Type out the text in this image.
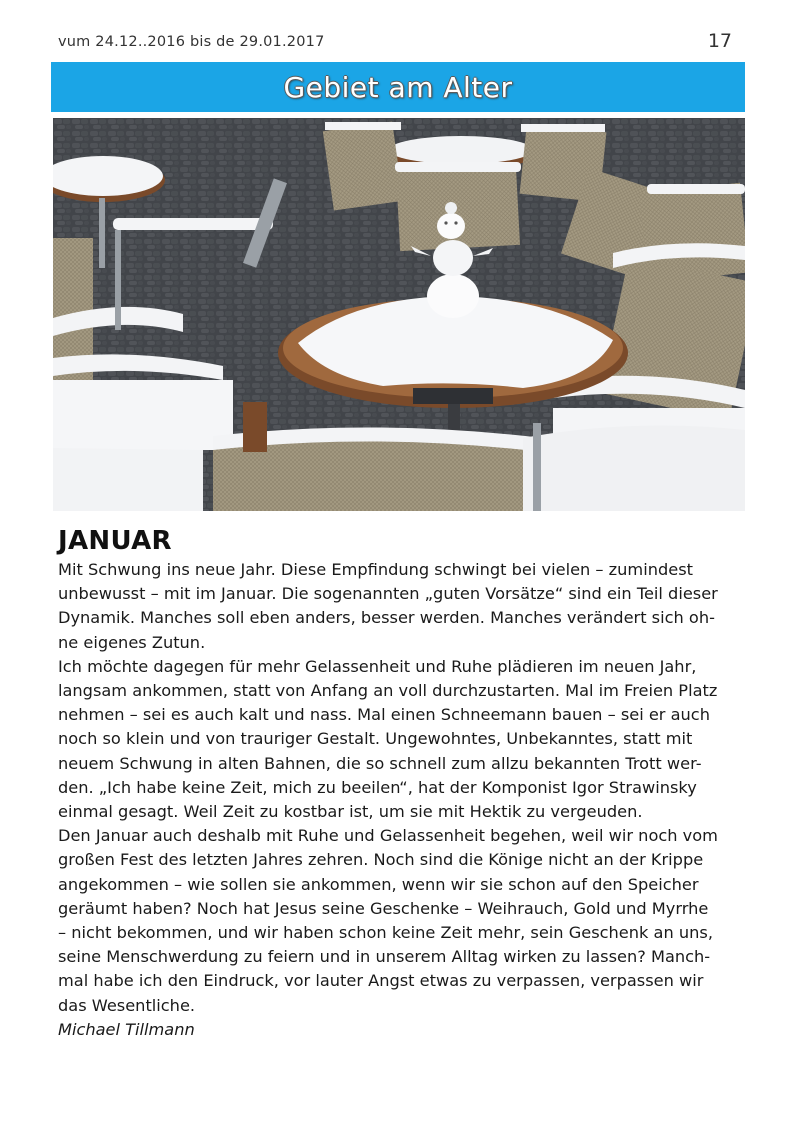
vum 24.12..2016 bis de 29.01.2017	17
Gebiet am Alter
JANUAR

Mit Schwung ins neue Jahr. Diese Empfindung schwingt bei vielen – zumindest

unbewusst – mit im Januar. Die sogenannten „guten Vorsätze“ sind ein Teil dieser

Dynamik. Manches soll eben anders, besser werden. Manches verändert sich oh-

ne eigenes Zutun.

Ich möchte dagegen für mehr Gelassenheit und Ruhe plädieren im neuen Jahr,

langsam ankommen, statt von Anfang an voll durchzustarten. Mal im Freien Platz

nehmen – sei es auch kalt und nass. Mal einen Schneemann bauen – sei er auch

noch so klein und von trauriger Gestalt. Ungewohntes, Unbekanntes, statt mit

neuem Schwung in alten Bahnen, die so schnell zum allzu bekannten Trott wer-

den. „Ich habe keine Zeit, mich zu beeilen“, hat der Komponist Igor Strawinsky

einmal gesagt. Weil Zeit zu kostbar ist, um sie mit Hektik zu vergeuden.

Den Januar auch deshalb mit Ruhe und Gelassenheit begehen, weil wir noch vom

großen Fest des letzten Jahres zehren. Noch sind die Könige nicht an der Krippe

angekommen – wie sollen sie ankommen, wenn wir sie schon auf den Speicher

geräumt haben? Noch hat Jesus seine Geschenke – Weihrauch, Gold und Myrrhe

– nicht bekommen, und wir haben schon keine Zeit mehr, sein Geschenk an uns,

seine Menschwerdung zu feiern und in unserem Alltag wirken zu lassen? Manch-

mal habe ich den Eindruck, vor lauter Angst etwas zu verpassen, verpassen wir

das Wesentliche.

Michael Tillmann
